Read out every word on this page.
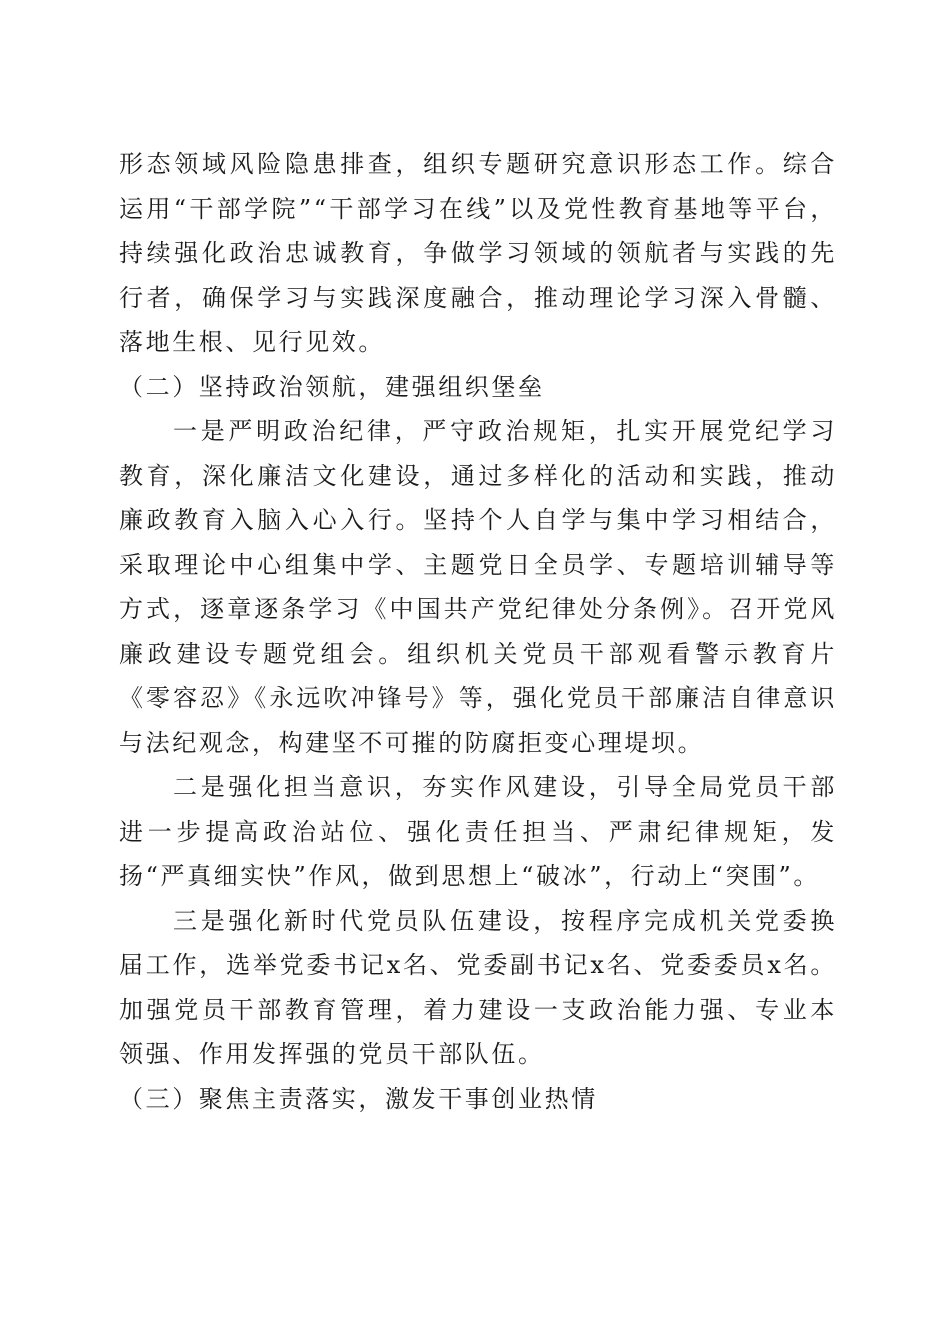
形态领域风险隐患排查，组织专题研究意识形态工作。综合运用“干部学院”“干部学习在线”以及党性教育基地等平台，持续强化政治忠诚教育，争做学习领域的领航者与实践的先行者，确保学习与实践深度融合，推动理论学习深入骨髓、落地生根、见行见效。

（二）坚持政治领航，建强组织堡垒

一是严明政治纪律，严守政治规矩，扎实开展党纪学习教育，深化廉洁文化建设，通过多样化的活动和实践，推动廉政教育入脑入心入行。坚持个人自学与集中学习相结合，采取理论中心组集中学、主题党日全员学、专题培训辅导等方式，逐章逐条学习《中国共产党纪律处分条例》。召开党风廉政建设专题党组会。组织机关党员干部观看警示教育片《零容忍》《永远吹冲锋号》等，强化党员干部廉洁自律意识与法纪观念，构建坚不可摧的防腐拒变心理堤坝。

二是强化担当意识，夯实作风建设，引导全局党员干部进一步提高政治站位、强化责任担当、严肃纪律规矩，发扬“严真细实快”作风，做到思想上“破冰”，行动上“突围”。

三是强化新时代党员队伍建设，按程序完成机关党委换届工作，选举党委书记x名、党委副书记x名、党委委员x名。加强党员干部教育管理，着力建设一支政治能力强、专业本领强、作用发挥强的党员干部队伍。

（三）聚焦主责落实，激发干事创业热情
